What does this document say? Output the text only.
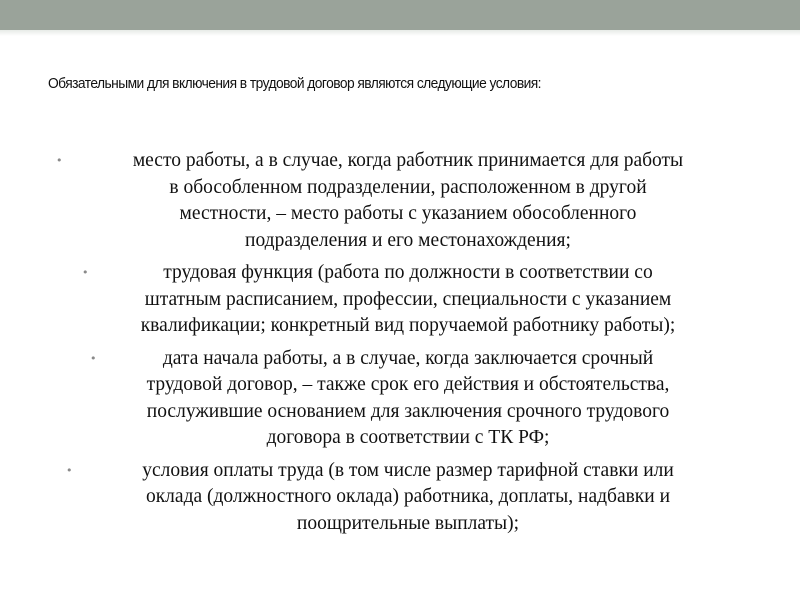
Обязательными для включения в трудовой договор являются следующие условия:
•	место работы, а в случае, когда работник принимается для работы
в обособленном подразделении, расположенном в другой
местности, – место работы с указанием обособленного
подразделения и его местонахождения;
•	трудовая функция (работа по должности в соответствии со
штатным расписанием, профессии, специальности с указанием
квалификации; конкретный вид поручаемой работнику работы);
•	дата начала работы, а в случае, когда заключается срочный
трудовой договор, – также срок его действия и обстоятельства,
послужившие основанием для заключения срочного трудового
договора в соответствии с ТК РФ;
•	условия оплаты труда (в том числе размер тарифной ставки или
оклада (должностного оклада) работника, доплаты, надбавки и
поощрительные выплаты);
